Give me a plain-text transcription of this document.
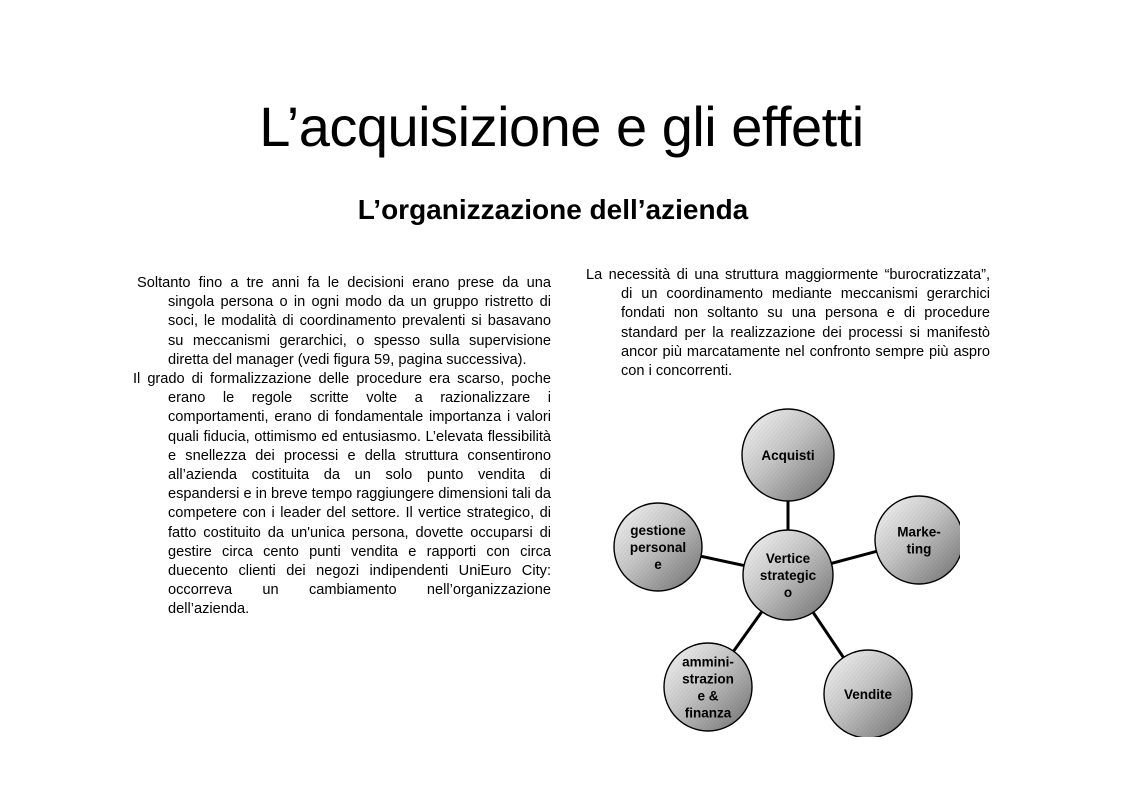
L’acquisizione e gli effetti
L’organizzazione dell’azienda

Soltanto fino a tre anni fa le decisioni erano prese da una singola persona o in ogni modo da un gruppo ristretto di soci, le modalità di coordinamento prevalenti si basavano su meccanismi gerarchici, o spesso sulla supervisione diretta del manager (vedi figura 59, pagina successiva).

Il grado di formalizzazione delle procedure era scarso, poche erano le regole scritte volte a razionalizzare i comportamenti, erano di fondamentale importanza i valori quali fiducia, ottimismo ed entusiasmo. L’elevata flessibilità e snellezza dei processi e della struttura consentirono all’azienda costituita da un solo punto vendita di espandersi e in breve tempo raggiungere dimensioni tali da competere con i leader del settore. Il vertice strategico, di fatto costituito da un'unica persona, dovette occuparsi di gestire circa cento punti vendita e rapporti con circa duecento clienti dei negozi indipendenti UniEuro City: occorreva un cambiamento nell’organizzazione dell’azienda.

La necessità di una struttura maggiormente “burocratizzata”, di un coordinamento mediante meccanismi gerarchici fondati non soltanto su una persona e di procedure standard per la realizzazione dei processi si manifestò ancor più marcatamente nel confronto sempre più aspro con i concorrenti.

Acquisti
Marke-
ting
Vendite
ammini-
strazion
e &
finanza
gestione
personal
e	Vertice
strategic
o
